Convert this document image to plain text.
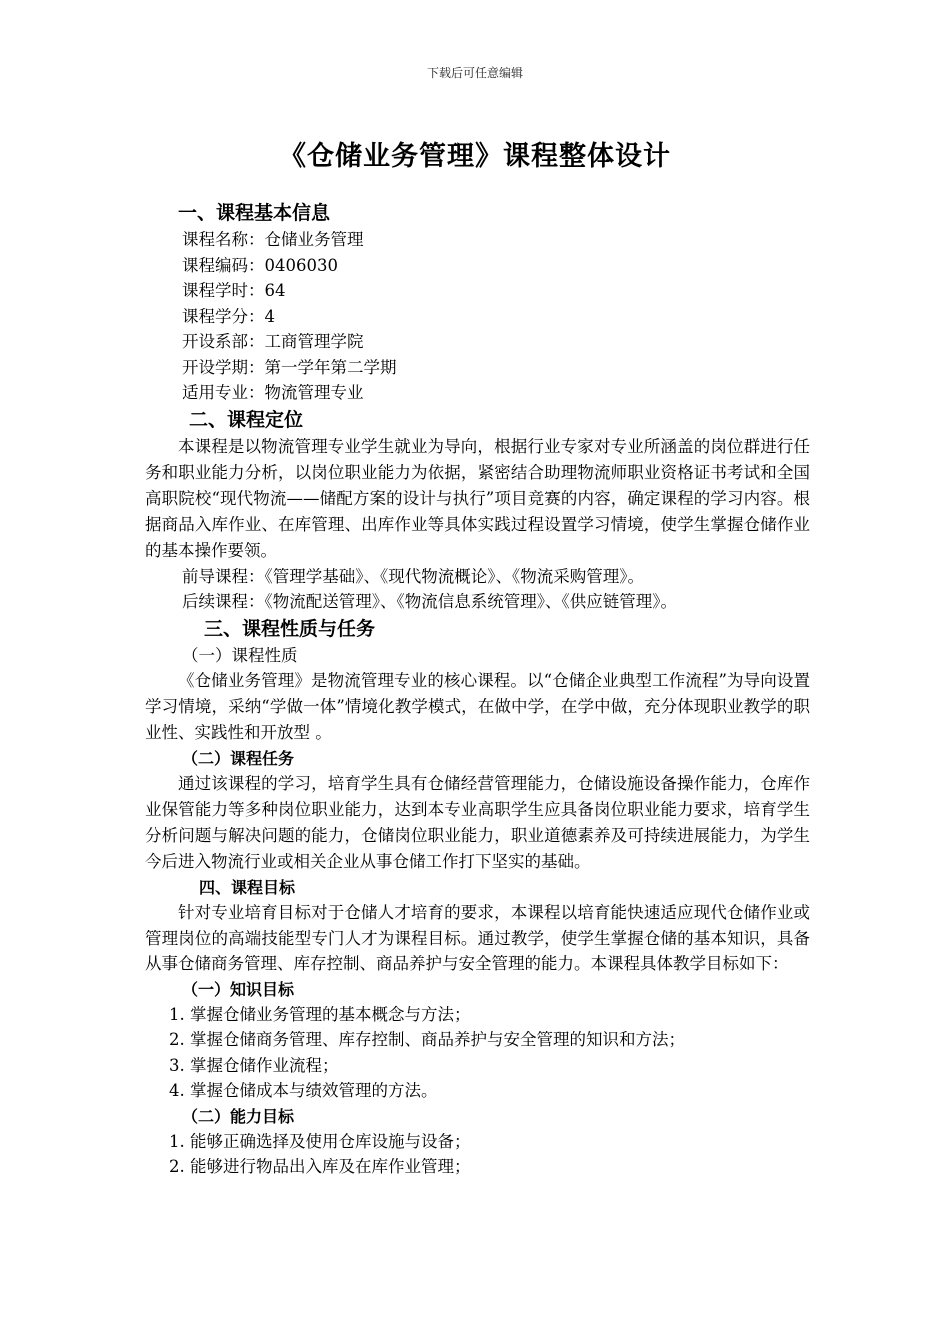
下载后可任意编辑
《仓储业务管理》课程整体设计
一、课程基本信息
课程名称：仓储业务管理
课程编码：0406030
课程学时：64
课程学分：4
开设系部：工商管理学院
开设学期：第一学年第二学期
适用专业：物流管理专业
二、课程定位

本课程是以物流管理专业学生就业为导向，根据行业专家对专业所涵盖的岗位群进行任务和职业能力分析，以岗位职业能力为依据，紧密结合助理物流师职业资格证书考试和全国高职院校“现代物流——储配方案的设计与执行”项目竞赛的内容，确定课程的学习内容。根据商品入库作业、在库管理、出库作业等具体实践过程设置学习情境，使学生掌握仓储作业的基本操作要领。

前导课程：《管理学基础》、《现代物流概论》、《物流采购管理》。
后续课程：《物流配送管理》、《物流信息系统管理》、《供应链管理》。
三、课程性质与任务
（一）课程性质

《仓储业务管理》是物流管理专业的核心课程。以“仓储企业典型工作流程”为导向设置学习情境，采纳“学做一体”情境化教学模式，在做中学，在学中做，充分体现职业教学的职业性、实践性和开放型 。

（二）课程任务

通过该课程的学习，培育学生具有仓储经营管理能力，仓储设施设备操作能力，仓库作业保管能力等多种岗位职业能力，达到本专业高职学生应具备岗位职业能力要求，培育学生分析问题与解决问题的能力，仓储岗位职业能力，职业道德素养及可持续进展能力，为学生今后进入物流行业或相关企业从事仓储工作打下坚实的基础。

四、课程目标

针对专业培育目标对于仓储人才培育的要求，本课程以培育能快速适应现代仓储作业或管理岗位的高端技能型专门人才为课程目标。通过教学，使学生掌握仓储的基本知识，具备从事仓储商务管理、库存控制、商品养护与安全管理的能力。本课程具体教学目标如下：

（一）知识目标
1. 掌握仓储业务管理的基本概念与方法；
2. 掌握仓储商务管理、库存控制、商品养护与安全管理的知识和方法；
3. 掌握仓储作业流程；
4. 掌握仓储成本与绩效管理的方法。
（二）能力目标
1. 能够正确选择及使用仓库设施与设备；
2. 能够进行物品出入库及在库作业管理；
